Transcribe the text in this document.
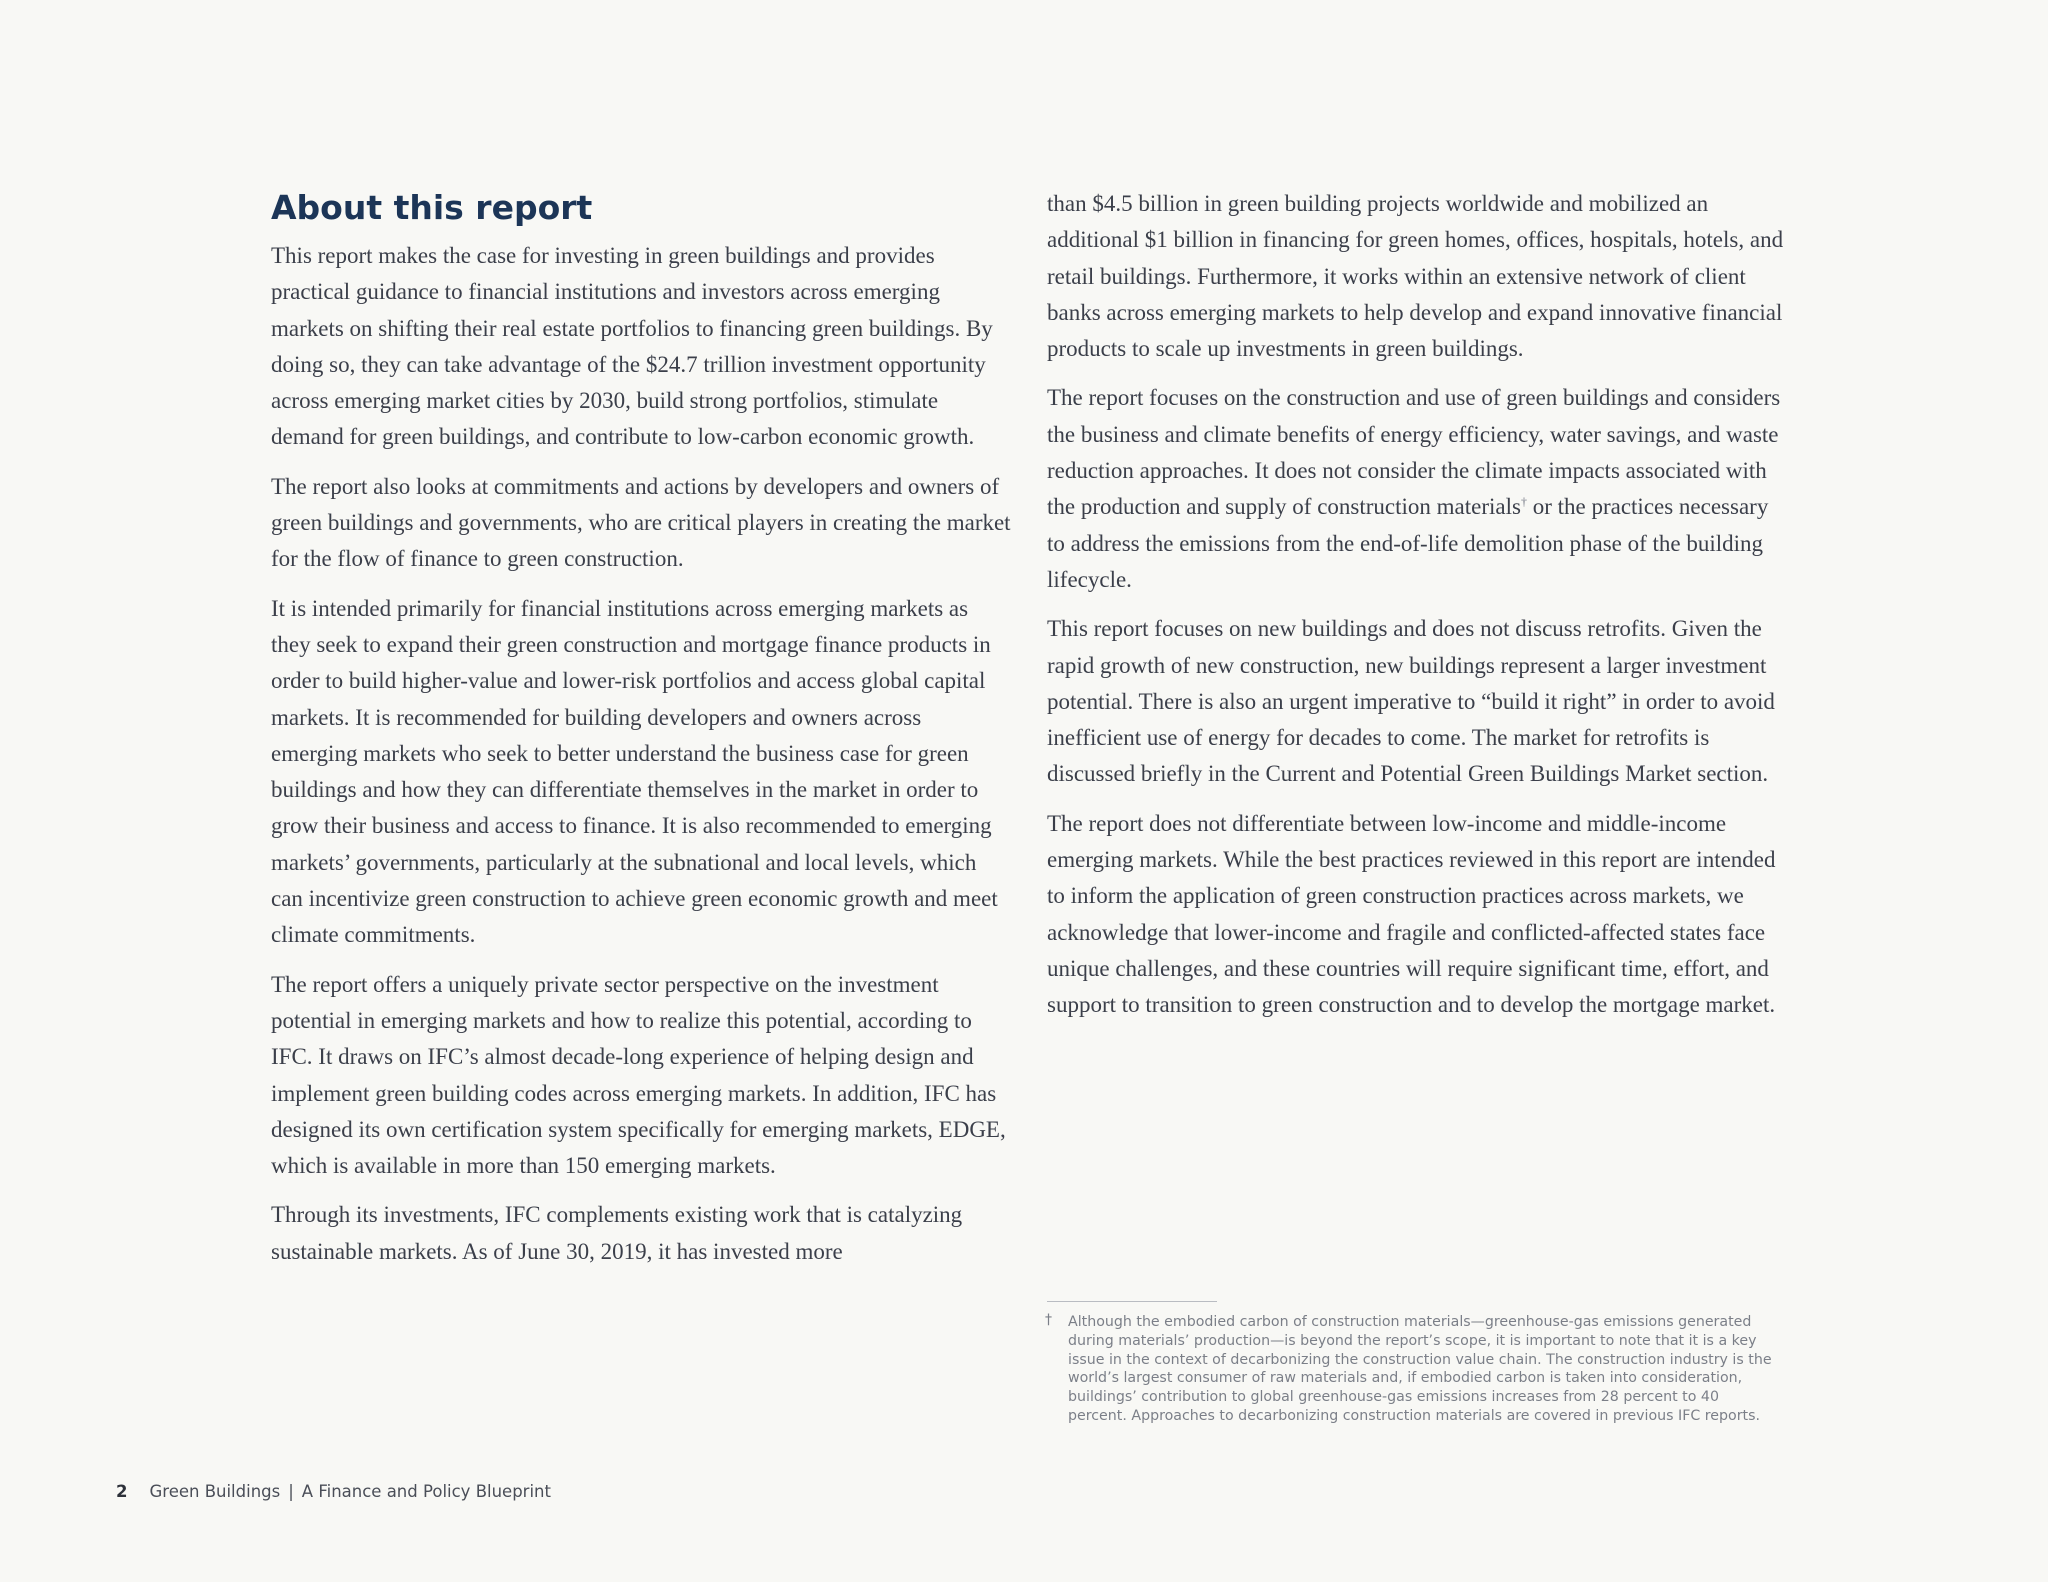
About this report

This report makes the case for investing in green buildings and provides practical guidance to financial institutions and investors across emerging markets on shifting their real estate portfolios to financing green buildings. By doing so, they can take advantage of the $24.7 trillion investment opportunity across emerging market cities by 2030, build strong portfolios, stimulate demand for green buildings, and contribute to low-carbon economic growth.

The report also looks at commitments and actions by developers and owners of green buildings and governments, who are critical players in creating the market for the flow of finance to green construction.

It is intended primarily for financial institutions across emerging markets as they seek to expand their green construction and mortgage finance products in order to build higher-value and lower-risk portfolios and access global capital markets. It is recommended for building developers and owners across emerging markets who seek to better understand the business case for green buildings and how they can differentiate themselves in the market in order to grow their business and access to finance. It is also recommended to emerging markets’ governments, particularly at the subnational and local levels, which can incentivize green construction to achieve green economic growth and meet climate commitments.

The report offers a uniquely private sector perspective on the investment potential in emerging markets and how to realize this potential, according to IFC. It draws on IFC’s almost decade-long experience of helping design and implement green building codes across emerging markets. In addition, IFC has designed its own certification system specifically for emerging markets, EDGE, which is available in more than 150 emerging markets.

Through its investments, IFC complements existing work that is catalyzing sustainable markets. As of June 30, 2019, it has invested more

than $4.5 billion in green building projects worldwide and mobilized an additional $1 billion in financing for green homes, offices, hospitals, hotels, and retail buildings. Furthermore, it works within an extensive network of client banks across emerging markets to help develop and expand innovative financial products to scale up investments in green buildings.

The report focuses on the construction and use of green buildings and considers the business and climate benefits of energy efficiency, water savings, and waste reduction approaches. It does not consider the climate impacts associated with the production and supply of construction materials† or the practices necessary to address the emissions from the end-of-life demolition phase of the building lifecycle.

This report focuses on new buildings and does not discuss retrofits. Given the rapid growth of new construction, new buildings represent a larger investment potential. There is also an urgent imperative to “build it right” in order to avoid inefficient use of energy for decades to come. The market for retrofits is discussed briefly in the Current and Potential Green Buildings Market section.

The report does not differentiate between low-income and middle-income emerging markets. While the best practices reviewed in this report are intended to inform the application of green construction practices across markets, we acknowledge that lower-income and fragile and conflicted-affected states face unique challenges, and these countries will require significant time, effort, and support to transition to green construction and to develop the mortgage market.

† Although the embodied carbon of construction materials—greenhouse-gas emissions generated during materials’ production—is beyond the report’s scope, it is important to note that it is a key issue in the context of decarbonizing the construction value chain. The construction industry is the world’s largest consumer of raw materials and, if embodied carbon is taken into consideration, buildings’ contribution to global greenhouse-gas emissions increases from 28 percent to 40 percent. Approaches to decarbonizing construction materials are covered in previous IFC reports.
2 Green Buildings | A Finance and Policy Blueprint
